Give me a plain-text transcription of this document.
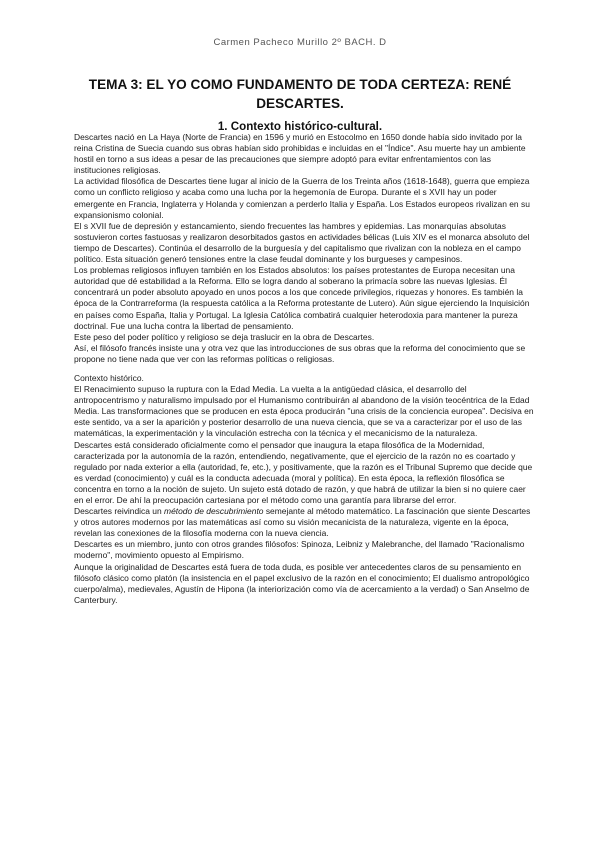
Carmen Pacheco Murillo 2º BACH. D
TEMA 3: EL YO COMO FUNDAMENTO DE TODA CERTEZA: RENÉ DESCARTES.
1. Contexto histórico-cultural.

Descartes nació en La Haya (Norte de Francia) en 1596 y murió en Estocolmo en 1650 donde había sido invitado por la reina Cristina de Suecia cuando sus obras habían sido prohibidas e incluidas en el "Índice". Asu muerte hay un ambiente hostil en torno a sus ideas a pesar de las precauciones que siempre adoptó para evitar enfrentamientos con las instituciones religiosas.

La actividad filosófica de Descartes tiene lugar al inicio de la Guerra de los Treinta años (1618-1648), guerra que empieza como un conflicto religioso y acaba como una lucha por la hegemonía de Europa. Durante el s XVII hay un poder emergente en Francia, Inglaterra y Holanda y comienzan a perderlo Italia y España. Los Estados europeos rivalizan en su expansionismo colonial.

El s XVII fue de depresión y estancamiento, siendo frecuentes las hambres y epidemias. Las monarquías absolutas sostuvieron cortes fastuosas y realizaron desorbitados gastos en actividades bélicas (Luis XIV es el monarca absoluto del tiempo de Descartes). Continúa el desarrollo de la burguesía y del capitalismo que rivalizan con la nobleza en el campo político. Esta situación generó tensiones entre la clase feudal dominante y los burgueses y campesinos.

Los problemas religiosos influyen también en los Estados absolutos: los países protestantes de Europa necesitan una autoridad que dé estabilidad a la Reforma. Ello se logra dando al soberano la primacía sobre las nuevas Iglesias. Él concentrará un poder absoluto apoyado en unos pocos a los que concede privilegios, riquezas y honores. Es también la época de la Contrarreforma (la respuesta católica a la Reforma protestante de Lutero). Aún sigue ejerciendo la Inquisición en países como España, Italia y Portugal. La Iglesia Católica combatirá cualquier heterodoxia para mantener la pureza doctrinal. Fue una lucha contra la libertad de pensamiento.

Este peso del poder político y religioso se deja traslucir en la obra de Descartes.

Así, el filósofo francés insiste una y otra vez que las introducciones de sus obras que la reforma del conocimiento que se propone no tiene nada que ver con las reformas políticas o religiosas.

Contexto histórico.

El Renacimiento supuso la ruptura con la Edad Media. La vuelta a la antigüedad clásica, el desarrollo del antropocentrismo y naturalismo impulsado por el Humanismo contribuirán al abandono de la visión teocéntrica de la Edad Media. Las transformaciones que se producen en esta época producirán "una crisis de la conciencia europea". Decisiva en este sentido, va a ser la aparición y posterior desarrollo de una nueva ciencia, que se va a caracterizar por el uso de las matemáticas, la experimentación y la vinculación estrecha con la técnica y el mecanicismo de la naturaleza.

Descartes está considerado oficialmente como el pensador que inaugura la etapa filosófica de la Modernidad, caracterizada por la autonomía de la razón, entendiendo, negativamente, que el ejercicio de la razón no es coartado y regulado por nada exterior a ella (autoridad, fe, etc.), y positivamente, que la razón es el Tribunal Supremo que decide que es verdad (conocimiento) y cuál es la conducta adecuada (moral y política). En esta época, la reflexión filosófica se concentra en torno a la noción de sujeto. Un sujeto está dotado de razón, y que habrá de utilizar la bien si no quiere caer en el error. De ahí la preocupación cartesiana por el método como una garantía para librarse del error.

Descartes reivindica un método de descubrimiento semejante al método matemático. La fascinación que siente Descartes y otros autores modernos por las matemáticas así como su visión mecanicista de la naturaleza, vigente en la época, revelan las conexiones de la filosofía moderna con la nueva ciencia.

Descartes es un miembro, junto con otros grandes filósofos: Spinoza, Leibniz y Malebranche, del llamado "Racionalismo moderno", movimiento opuesto al Empirismo.

Aunque la originalidad de Descartes está fuera de toda duda, es posible ver antecedentes claros de su pensamiento en filósofo clásico como platón (la insistencia en el papel exclusivo de la razón en el conocimiento; El dualismo antropológico cuerpo/alma), medievales, Agustín de Hipona (la interiorización como vía de acercamiento a la verdad) o San Anselmo de Canterbury.
